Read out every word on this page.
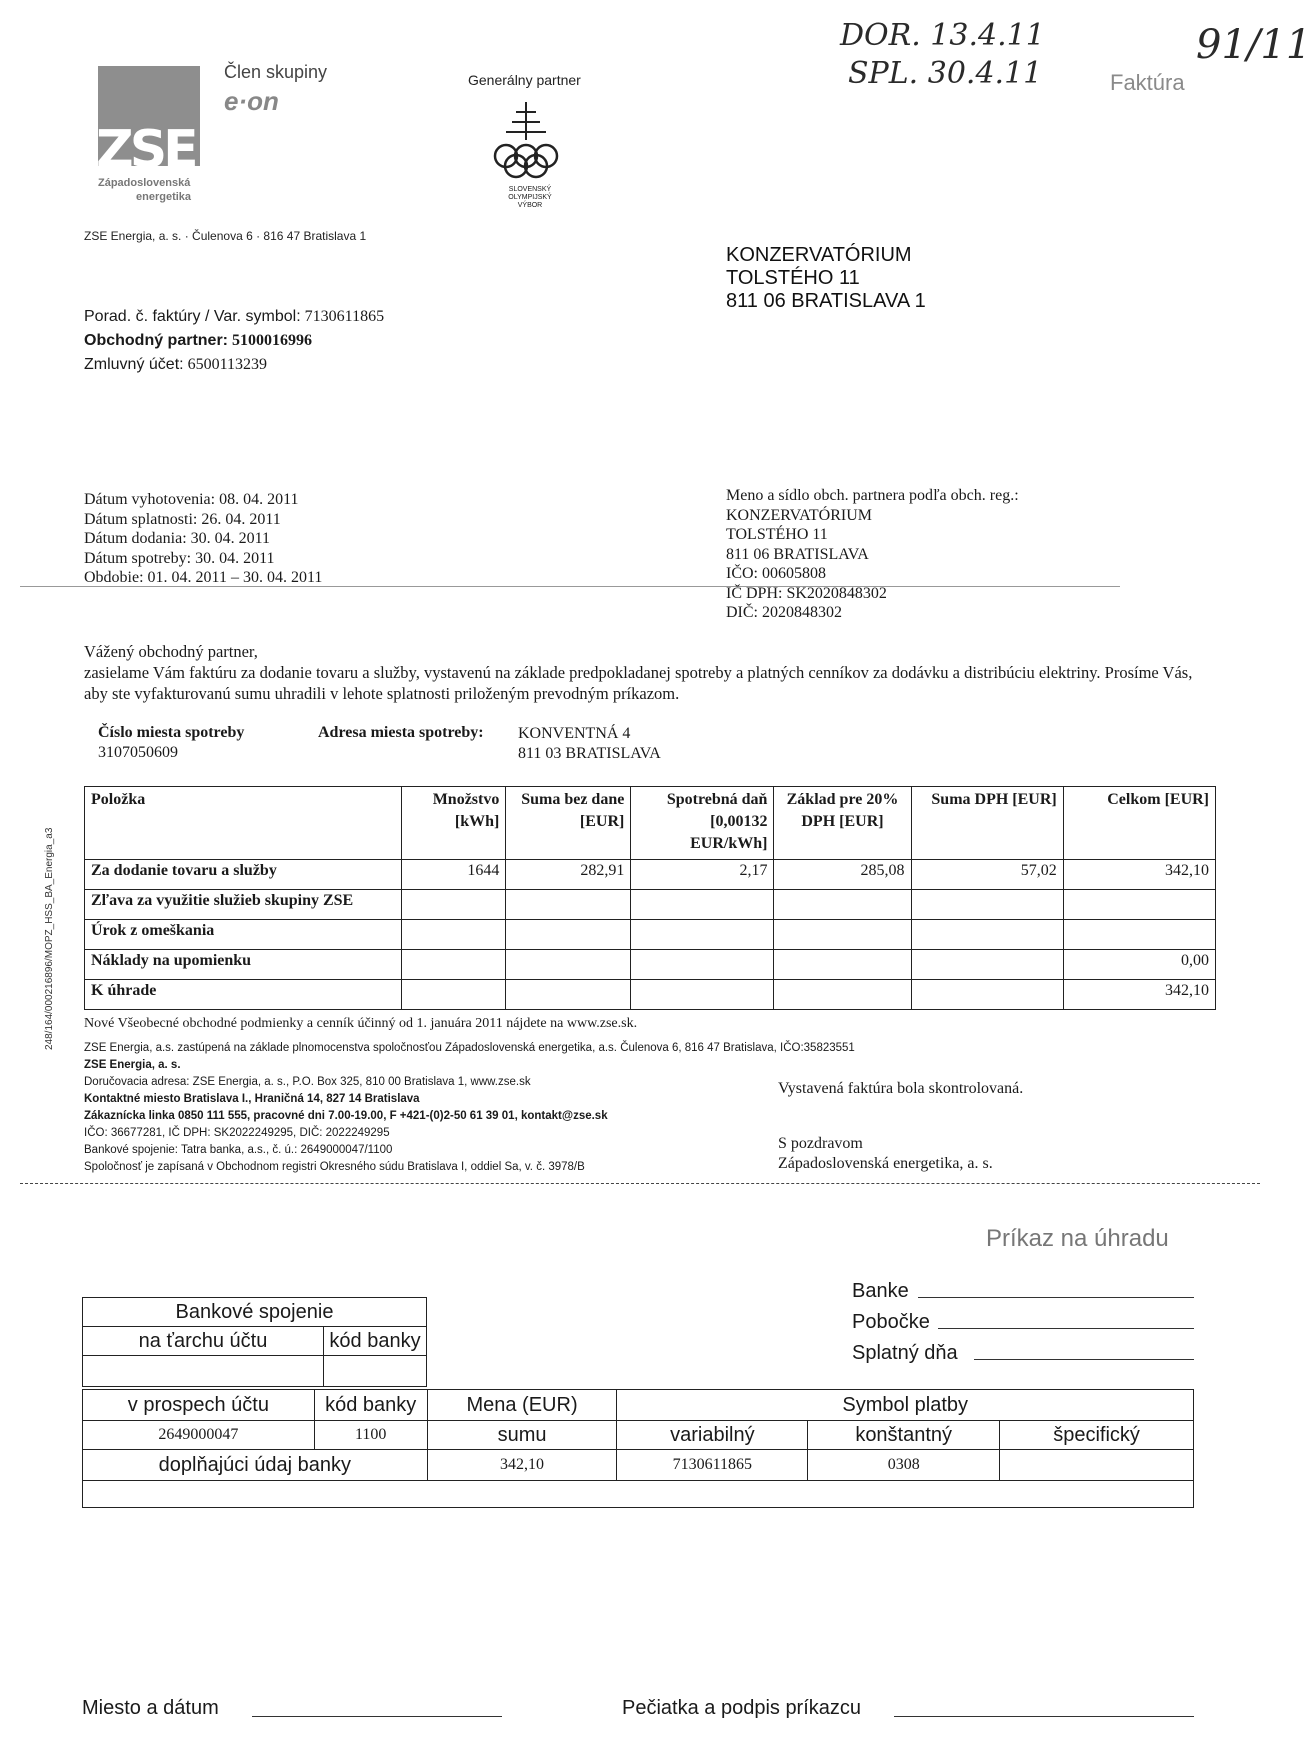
ZSE
Západoslovenská
energetika
Člen skupiny
e·on
Generálny partner
SLOVENSKÝ OLYMPIJSKÝ VÝBOR
ZSE Energia, a. s. · Čulenova 6 · 816 47 Bratislava 1
DOR. 13.4.11
SPL. 30.4.11
91/11
Faktúra
KONZERVATÓRIUM
TOLSTÉHO 11
811 06 BRATISLAVA 1
Porad. č. faktúry / Var. symbol: 7130611865
Obchodný partner: 5100016996
Zmluvný účet: 6500113239
Dátum vyhotovenia: 08. 04. 2011
Dátum splatnosti: 26. 04. 2011
Dátum dodania: 30. 04. 2011
Dátum spotreby: 30. 04. 2011
Obdobie: 01. 04. 2011 – 30. 04. 2011
Meno a sídlo obch. partnera podľa obch. reg.:
KONZERVATÓRIUM
TOLSTÉHO 11
811 06 BRATISLAVA
IČO: 00605808
IČ DPH: SK2020848302
DIČ: 2020848302
Vážený obchodný partner,
zasielame Vám faktúru za dodanie tovaru a služby, vystavenú na základe predpokladanej spotreby a platných cenníkov za dodávku a distribúciu elektriny. Prosíme Vás, aby ste vyfakturovanú sumu uhradili v lehote splatnosti priloženým prevodným príkazom.
Číslo miesta spotreby
3107050609
Adresa miesta spotreby: KONVENTNÁ 4
811 03 BRATISLAVA
248/164/000216896/MOPZ_HSS_BA_Energia_a3
Položka	Množstvo [kWh]	Suma bez dane [EUR]	Spotrebná daň [0,00132 EUR/kWh]	Základ pre 20% DPH [EUR]	Suma DPH [EUR]	Celkom [EUR]
Za dodanie tovaru a služby	1644	282,91	2,17	285,08	57,02	342,10
Zľava za využitie služieb skupiny ZSE						
Úrok z omeškania						
Náklady na upomienku						0,00
K úhrade						342,10
Nové Všeobecné obchodné podmienky a cenník účinný od 1. januára 2011 nájdete na www.zse.sk.
ZSE Energia, a.s. zastúpená na základe plnomocenstva spoločnosťou Západoslovenská energetika, a.s. Čulenova 6, 816 47 Bratislava, IČO:35823551
ZSE Energia, a. s.
Doručovacia adresa: ZSE Energia, a. s., P.O. Box 325, 810 00 Bratislava 1, www.zse.sk
Kontaktné miesto Bratislava I., Hraničná 14, 827 14 Bratislava
Zákaznícka linka 0850 111 555, pracovné dni 7.00-19.00, F +421-(0)2-50 61 39 01, kontakt@zse.sk
IČO: 36677281, IČ DPH: SK2022249295, DIČ: 2022249295
Bankové spojenie: Tatra banka, a.s., č. ú.: 2649000047/1100
Spoločnosť je zapísaná v Obchodnom registri Okresného súdu Bratislava I, oddiel Sa, v. č. 3978/B
Vystavená faktúra bola skontrolovaná.
S pozdravom
Západoslovenská energetika, a. s.
Príkaz na úhradu
Banke
Pobočke
Splatný dňa
Bankové spojenie	
na ťarchu účtu	kód banky

v prospech účtu	kód banky	Mena (EUR)	Symbol platby		
2649000047	1100	sumu	variabilný	konštantný	špecifický
doplňajúci údaj banky		342,10	7130611865	0308	

Miesto a dátum	Pečiatka a podpis príkazcu
